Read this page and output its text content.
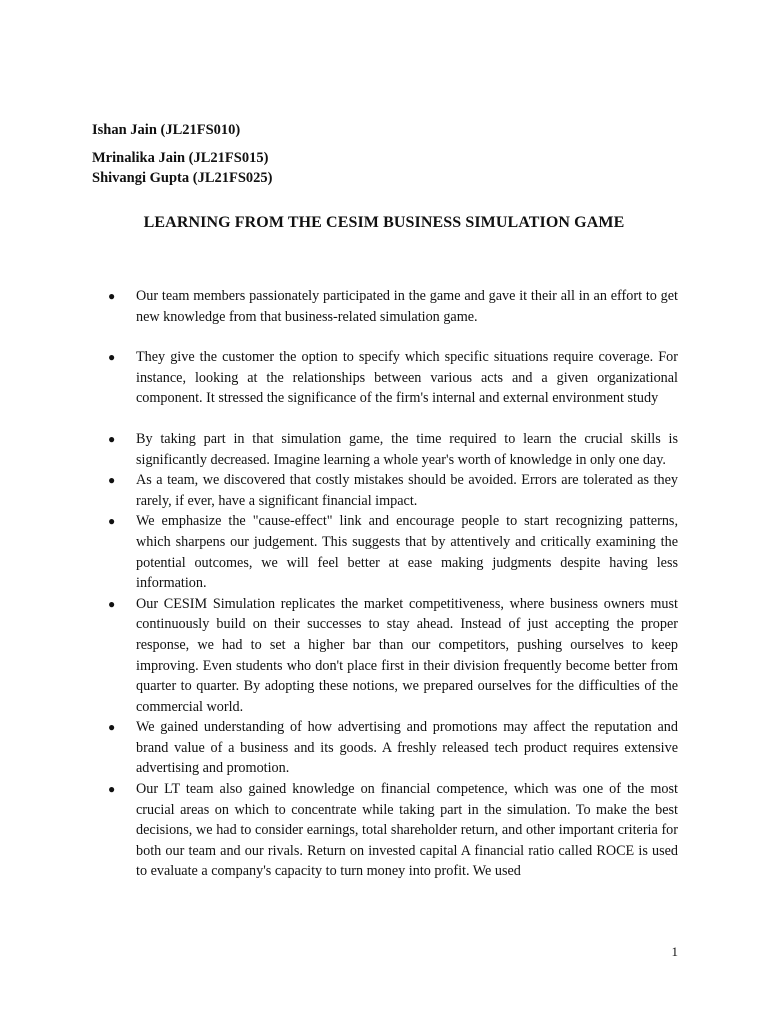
Ishan Jain (JL21FS010)
Mrinalika Jain (JL21FS015)
Shivangi Gupta (JL21FS025)
LEARNING FROM THE CESIM BUSINESS SIMULATION GAME
● Our team members passionately participated in the game and gave it their all in an effort to get new knowledge from that business-related simulation game.
● They give the customer the option to specify which specific situations require coverage. For instance, looking at the relationships between various acts and a given organizational component. It stressed the significance of the firm's internal and external environment study
● By taking part in that simulation game, the time required to learn the crucial skills is significantly decreased. Imagine learning a whole year's worth of knowledge in only one day.
● As a team, we discovered that costly mistakes should be avoided. Errors are tolerated as they rarely, if ever, have a significant financial impact.
● We emphasize the "cause-effect" link and encourage people to start recognizing patterns, which sharpens our judgement. This suggests that by attentively and critically examining the potential outcomes, we will feel better at ease making judgments despite having less information.
● Our CESIM Simulation replicates the market competitiveness, where business owners must continuously build on their successes to stay ahead. Instead of just accepting the proper response, we had to set a higher bar than our competitors, pushing ourselves to keep improving. Even students who don't place first in their division frequently become better from quarter to quarter. By adopting these notions, we prepared ourselves for the difficulties of the commercial world.
● We gained understanding of how advertising and promotions may affect the reputation and brand value of a business and its goods. A freshly released tech product requires extensive advertising and promotion.
● Our LT team also gained knowledge on financial competence, which was one of the most crucial areas on which to concentrate while taking part in the simulation. To make the best decisions, we had to consider earnings, total shareholder return, and other important criteria for both our team and our rivals. Return on invested capital A financial ratio called ROCE is used to evaluate a company's capacity to turn money into profit. We used
1
